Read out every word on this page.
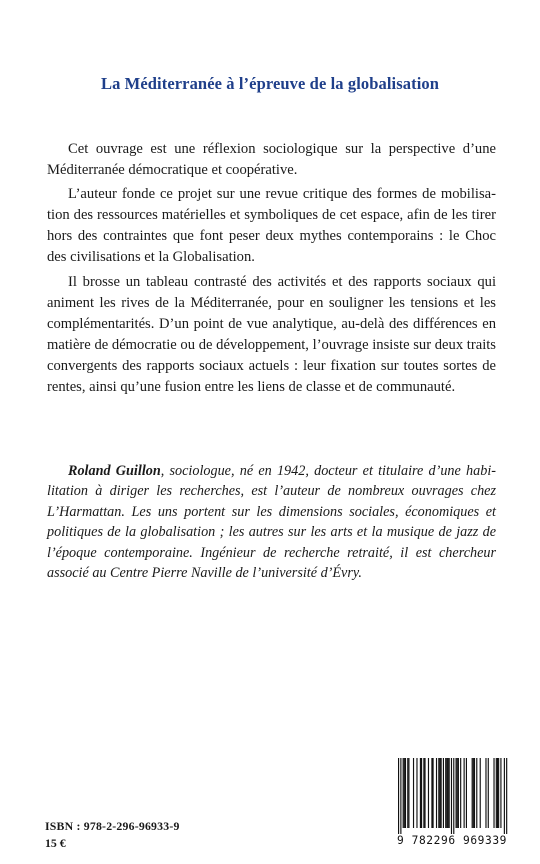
La Méditerranée à l’épreuve de la globalisation

Cet ouvrage est une réflexion sociologique sur la perspective d’une Méditerranée démocratique et coopérative.

L’auteur fonde ce projet sur une revue critique des formes de mobilisation des ressources matérielles et symboliques de cet espace, afin de les tirer hors des contraintes que font peser deux mythes contemporains : le Choc des civilisations et la Globalisation.

Il brosse un tableau contrasté des activités et des rapports sociaux qui animent les rives de la Méditerranée, pour en souligner les tensions et les complémentarités. D’un point de vue analytique, au-delà des différences en matière de démocratie ou de développement, l’ouvrage insiste sur deux traits convergents des rapports sociaux actuels : leur fixation sur toutes sortes de rentes, ainsi qu’une fusion entre les liens de classe et de communauté.

Roland Guillon, sociologue, né en 1942, docteur et titulaire d’une habilitation à diriger les recherches, est l’auteur de nombreux ouvrages chez L’Harmattan. Les uns portent sur les dimensions sociales, économiques et politiques de la globalisation ; les autres sur les arts et la musique de jazz de l’époque contemporaine. Ingénieur de recherche retraité, il est chercheur associé au Centre Pierre Naville de l’université d’Évry.

ISBN : 978-2-296-96933-9
15 €	9 782296 969339
